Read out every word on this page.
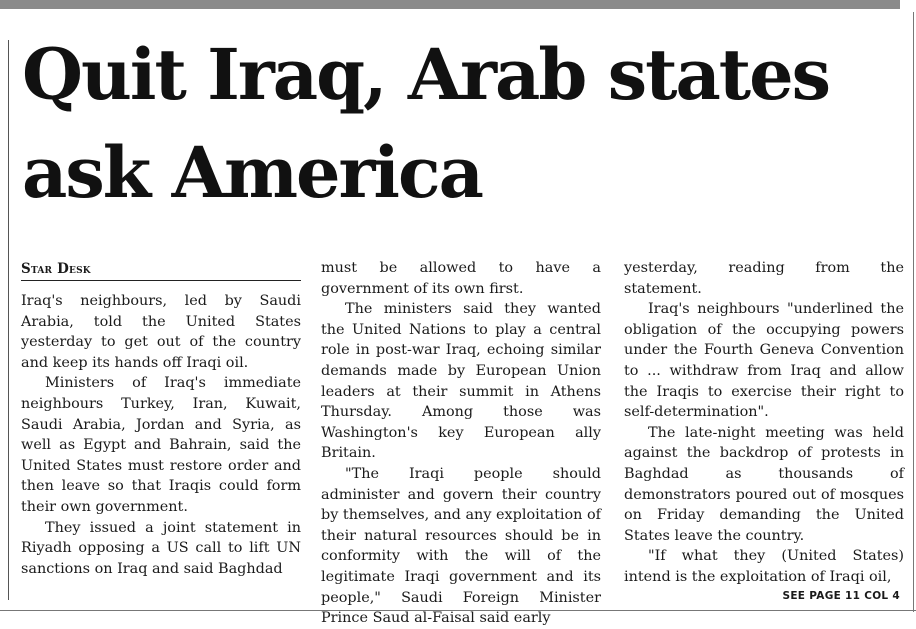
Quit Iraq, Arab states
ask America
Star Desk

Iraq's neighbours, led by Saudi Arabia, told the United States yesterday to get out of the country and keep its hands off Iraqi oil.

Ministers of Iraq's immediate neighbours Turkey, Iran, Kuwait, Saudi Arabia, Jordan and Syria, as well as Egypt and Bahrain, said the United States must restore order and then leave so that Iraqis could form their own government.

They issued a joint statement in Riyadh opposing a US call to lift UN sanctions on Iraq and said Baghdad

must be allowed to have a government of its own first.

The ministers said they wanted the United Nations to play a central role in post-war Iraq, echoing similar demands made by European Union leaders at their summit in Athens Thursday. Among those was Washington's key European ally Britain.

"The Iraqi people should administer and govern their country by themselves, and any exploitation of their natural resources should be in conformity with the will of the legitimate Iraqi government and its people," Saudi Foreign Minister Prince Saud al-Faisal said early

yesterday, reading from the statement.

Iraq's neighbours "underlined the obligation of the occupying powers under the Fourth Geneva Convention to ... withdraw from Iraq and allow the Iraqis to exercise their right to self-determination".

The late-night meeting was held against the backdrop of protests in Baghdad as thousands of demonstrators poured out of mosques on Friday demanding the United States leave the country.

"If what they (United States) intend is the exploitation of Iraqi oil,

SEE PAGE 11 COL 4
